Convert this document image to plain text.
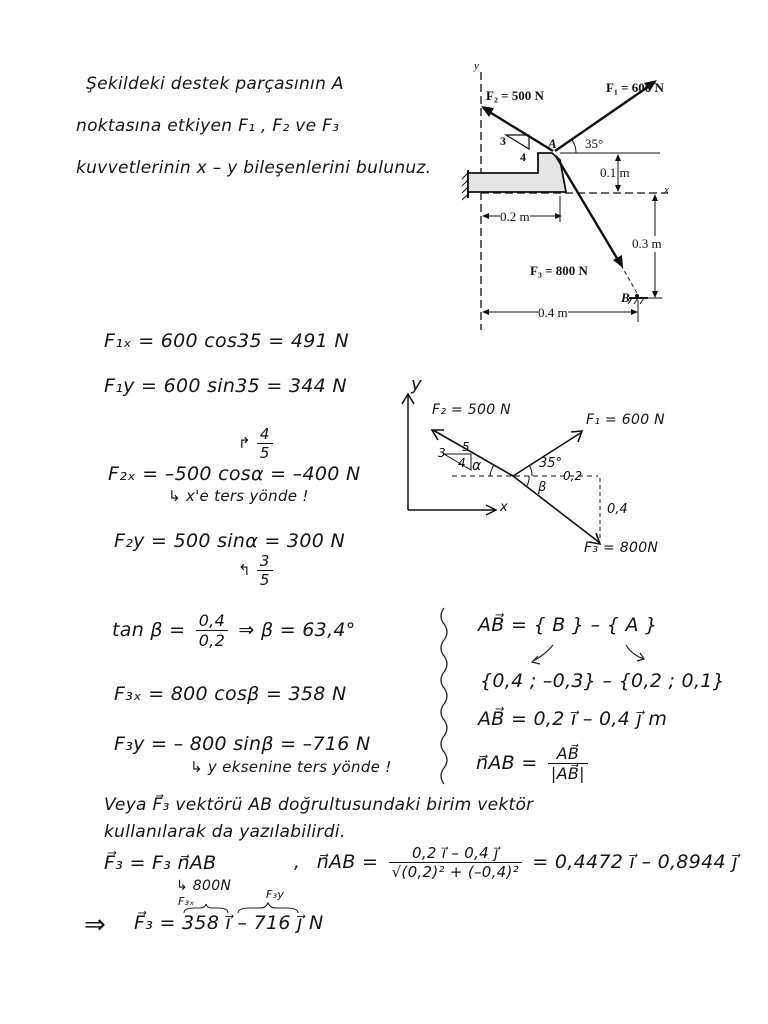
Şekildeki destek parçasının A
noktasına etkiyen F₁ , F₂ ve F₃
kuvvetlerinin x – y bileşenlerini bulunuz.
y
x
F₂ = 500 N
F₁ = 600 N
3
4
A 35°
0.1 m
0.2 m
0.3 m
F₃ = 800 N
B
0.4 m
y
x
F₂ = 500 N
F₁ = 600 N
F₃ = 800N
3 5
4 α	35°
β
0,2
0,4
F₁ₓ = 600 cos35 = 491 N
F₁y = 600 sin35 = 344 N
↱ $\frac{4}{5}$
F₂ₓ = –500 cosα = –400 N
↳ x'e ters yönde !
F₂y = 500 sinα = 300 N
↰ $\frac{3}{5}$
$\tan \beta = \frac{0,4}{0,2}$ ⇒ β = 63,4°
F₃ₓ = 800 cosβ = 358 N
F₃y = – 800 sinβ = –716 N
↳ y eksenine ters yönde !
AB⃗ = { B } – { A }
{0,4 ; –0,3} – {0,2 ; 0,1}
AB⃗ = 0,2 i⃗ – 0,4 j⃗ m
n⃗AB = $\frac{AB⃗}{|AB⃗|}$
Veya F⃗₃ vektörü AB doğrultusundaki birim vektör
kullanılarak da yazılabilirdi.
F⃗₃ = F₃ n⃗AB
↳ 800N
, n⃗AB = $\frac{0,2 i⃗ - 0,4 j⃗}{\text{√(0,2)² + (–0,4)²}} = 0,4472$ i⃗ – 0,8944 j⃗
⇒
F₃ₓ
F₃y
F⃗₃ = 358 i⃗ – 716 j⃗ N
